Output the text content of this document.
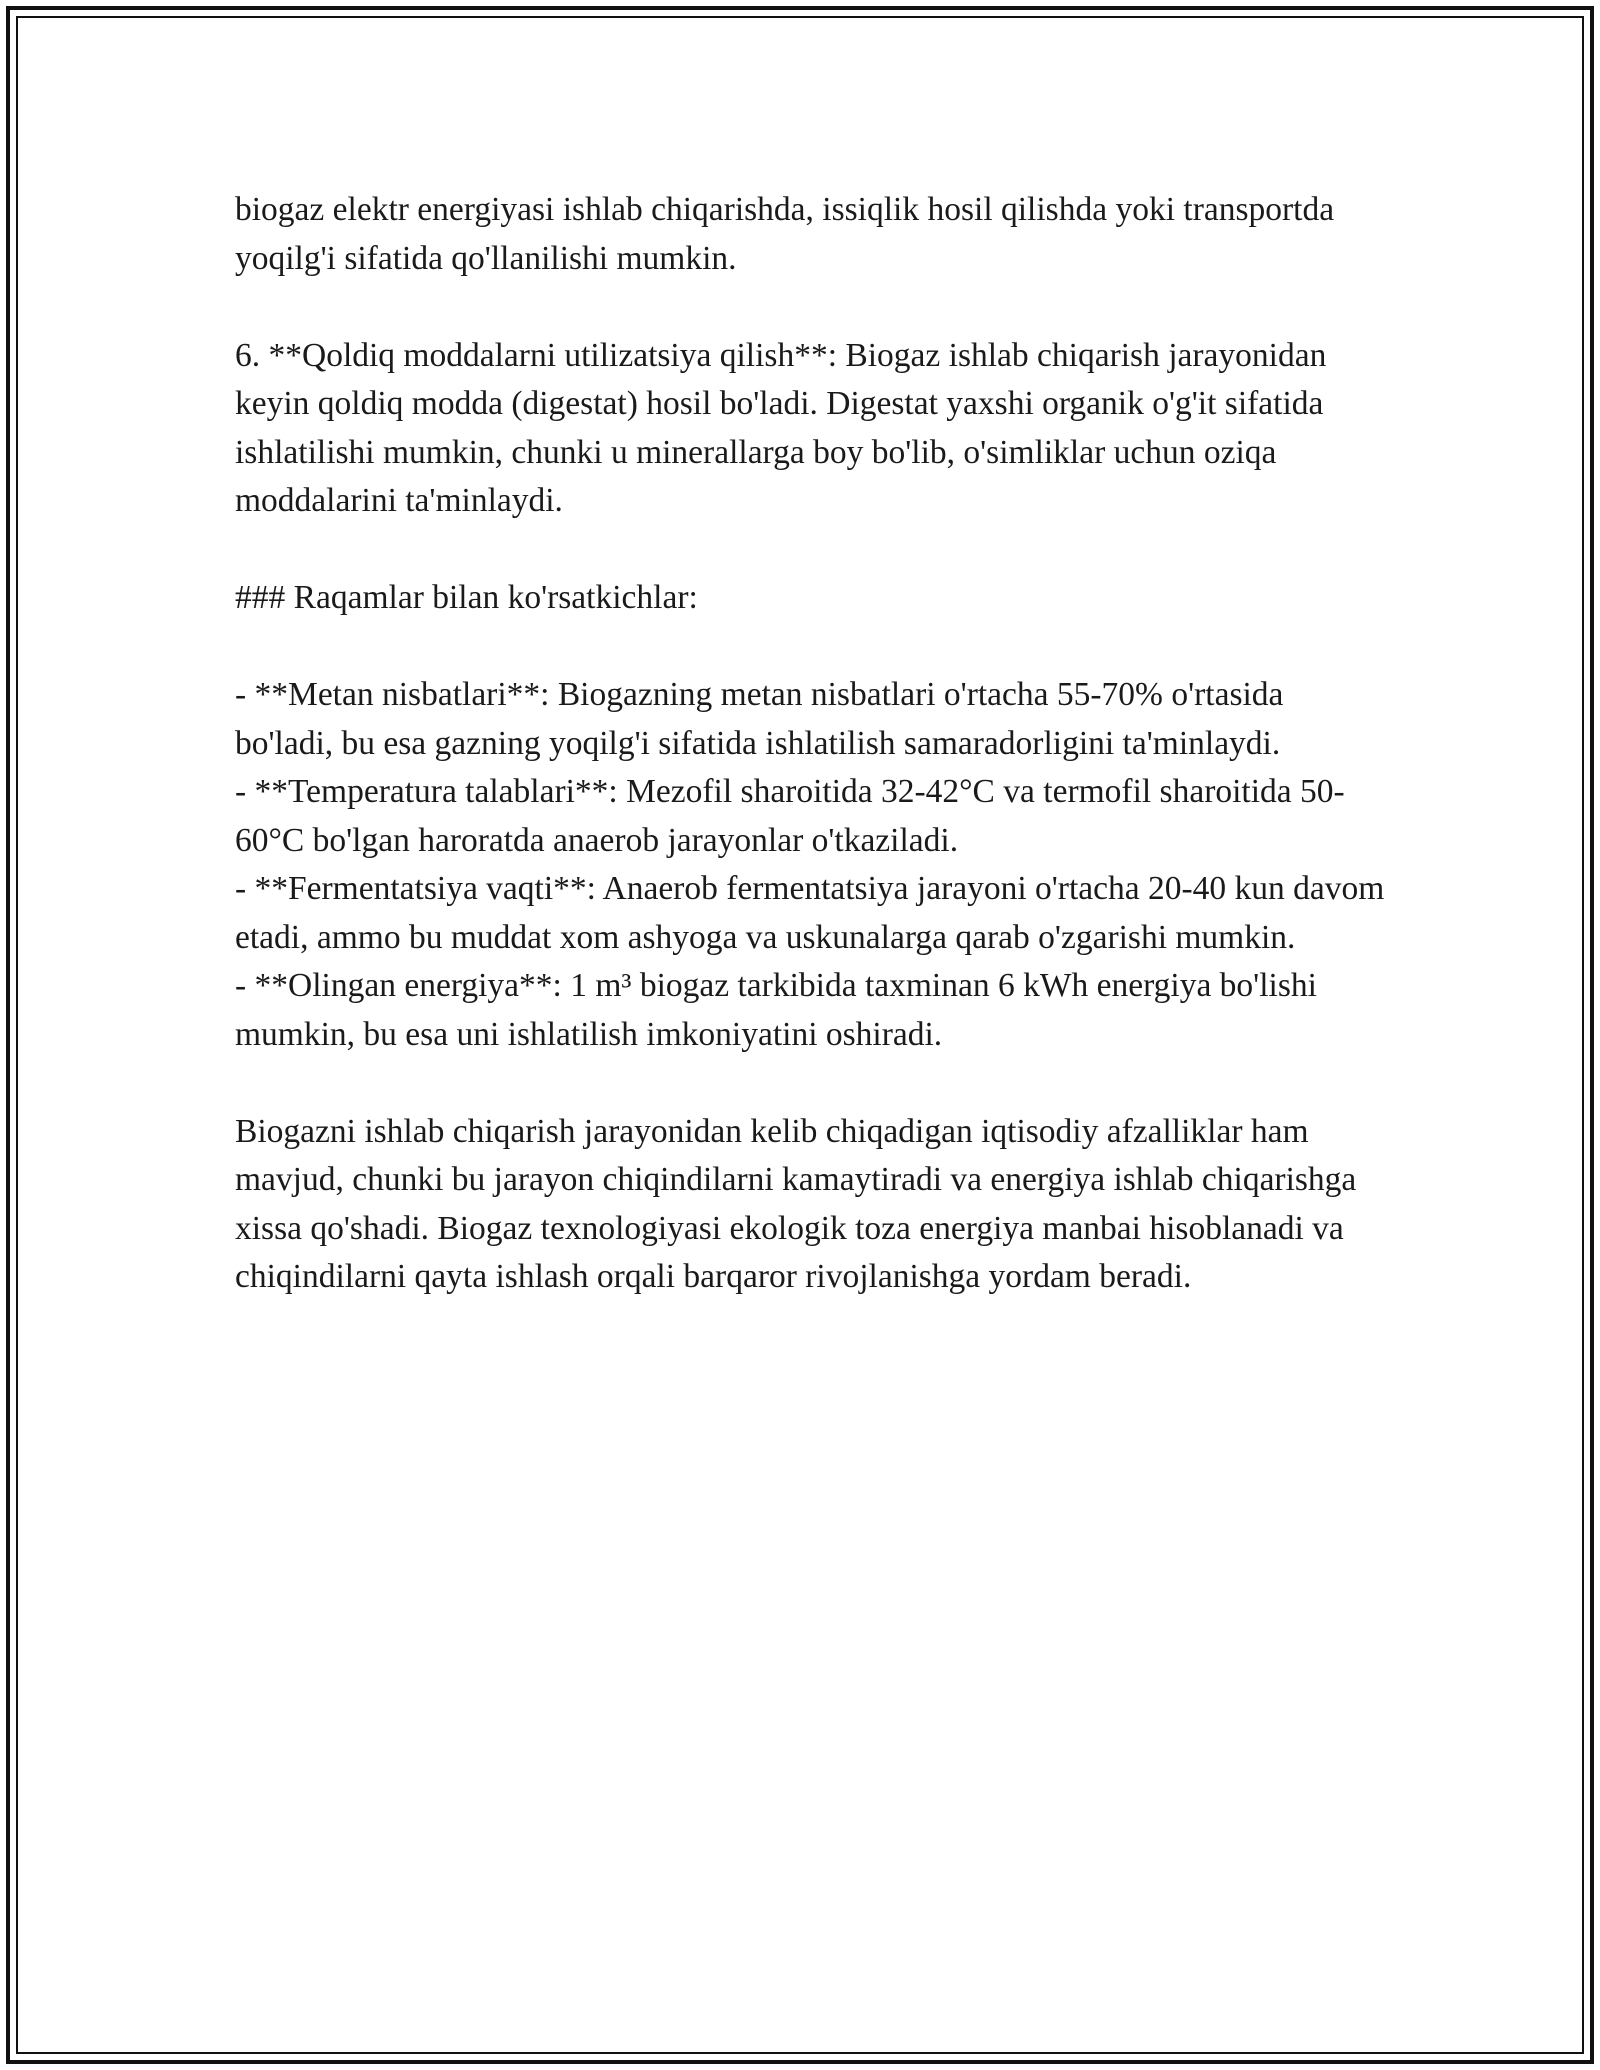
biogaz elektr energiyasi ishlab chiqarishda, issiqlik hosil qilishda yoki transportda yoqilg'i sifatida qo'llanilishi mumkin.

6. **Qoldiq moddalarni utilizatsiya qilish**: Biogaz ishlab chiqarish jarayonidan keyin qoldiq modda (digestat) hosil bo'ladi. Digestat yaxshi organik o'g'it sifatida ishlatilishi mumkin, chunki u minerallarga boy bo'lib, o'simliklar uchun oziqa moddalarini ta'minlaydi.

### Raqamlar bilan ko'rsatkichlar:

- **Metan nisbatlari**: Biogazning metan nisbatlari o'rtacha 55-70% o'rtasida bo'ladi, bu esa gazning yoqilg'i sifatida ishlatilish samaradorligini ta'minlaydi.

- **Temperatura talablari**: Mezofil sharoitida 32-42°C va termofil sharoitida 50-60°C bo'lgan haroratda anaerob jarayonlar o'tkaziladi.

- **Fermentatsiya vaqti**: Anaerob fermentatsiya jarayoni o'rtacha 20-40 kun davom etadi, ammo bu muddat xom ashyoga va uskunalarga qarab o'zgarishi mumkin.

- **Olingan energiya**: 1 m³ biogaz tarkibida taxminan 6 kWh energiya bo'lishi mumkin, bu esa uni ishlatilish imkoniyatini oshiradi.

Biogazni ishlab chiqarish jarayonidan kelib chiqadigan iqtisodiy afzalliklar ham mavjud, chunki bu jarayon chiqindilarni kamaytiradi va energiya ishlab chiqarishga xissa qo'shadi. Biogaz texnologiyasi ekologik toza energiya manbai hisoblanadi va chiqindilarni qayta ishlash orqali barqaror rivojlanishga yordam beradi.
